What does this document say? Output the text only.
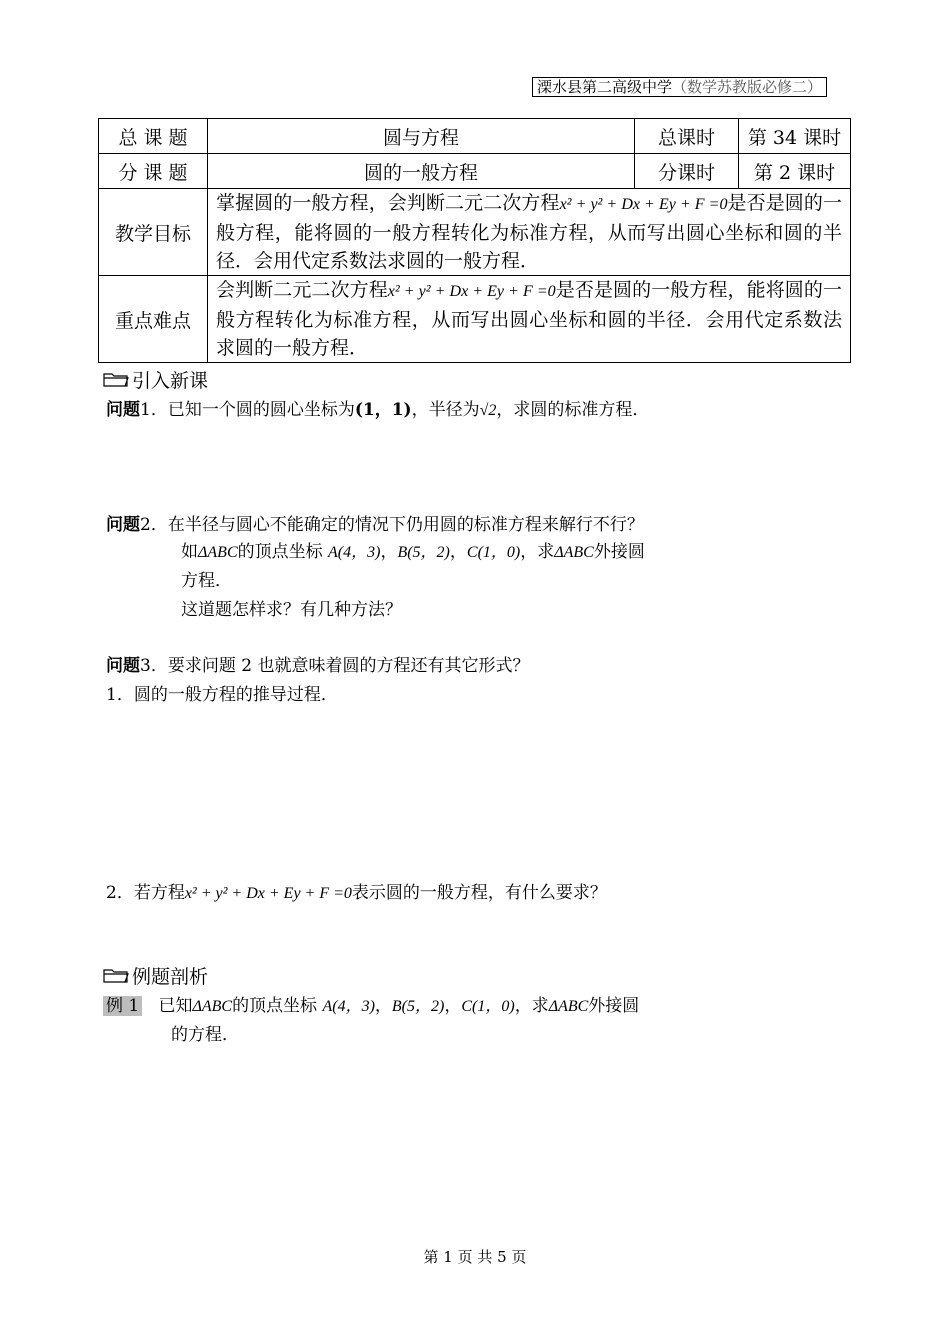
溧水县第二高级中学（数学苏教版必修二）
总 课 题	圆与方程	总课时	第 34 课时
分 课 题	圆的一般方程	分课时	第 2 课时
教学目标	掌握圆的一般方程，会判断二元二次方程x² + y² + Dx + Ey + F =0是否是圆的一般方程，能将圆的一般方程转化为标准方程，从而写出圆心坐标和圆的半径．会用代定系数法求圆的一般方程．		
重点难点	会判断二元二次方程x² + y² + Dx + Ey + F =0是否是圆的一般方程，能将圆的一般方程转化为标准方程，从而写出圆心坐标和圆的半径．会用代定系数法求圆的一般方程．		
引入新课
问题1．已知一个圆的圆心坐标为(1，1)，半径为√2，求圆的标准方程．
问题2．在半径与圆心不能确定的情况下仍用圆的标准方程来解行不行？
如ΔABC的顶点坐标 A(4，3)，B(5，2)，C(1，0)，求ΔABC外接圆
方程．
这道题怎样求？有几种方法？
问题3．要求问题 2 也就意味着圆的方程还有其它形式？
1．圆的一般方程的推导过程．
2．若方程x² + y² + Dx + Ey + F =0表示圆的一般方程，有什么要求？
例题剖析
例 1 已知ΔABC的顶点坐标 A(4，3)，B(5，2)，C(1，0)，求ΔABC外接圆
的方程．
第 1 页 共 5 页
